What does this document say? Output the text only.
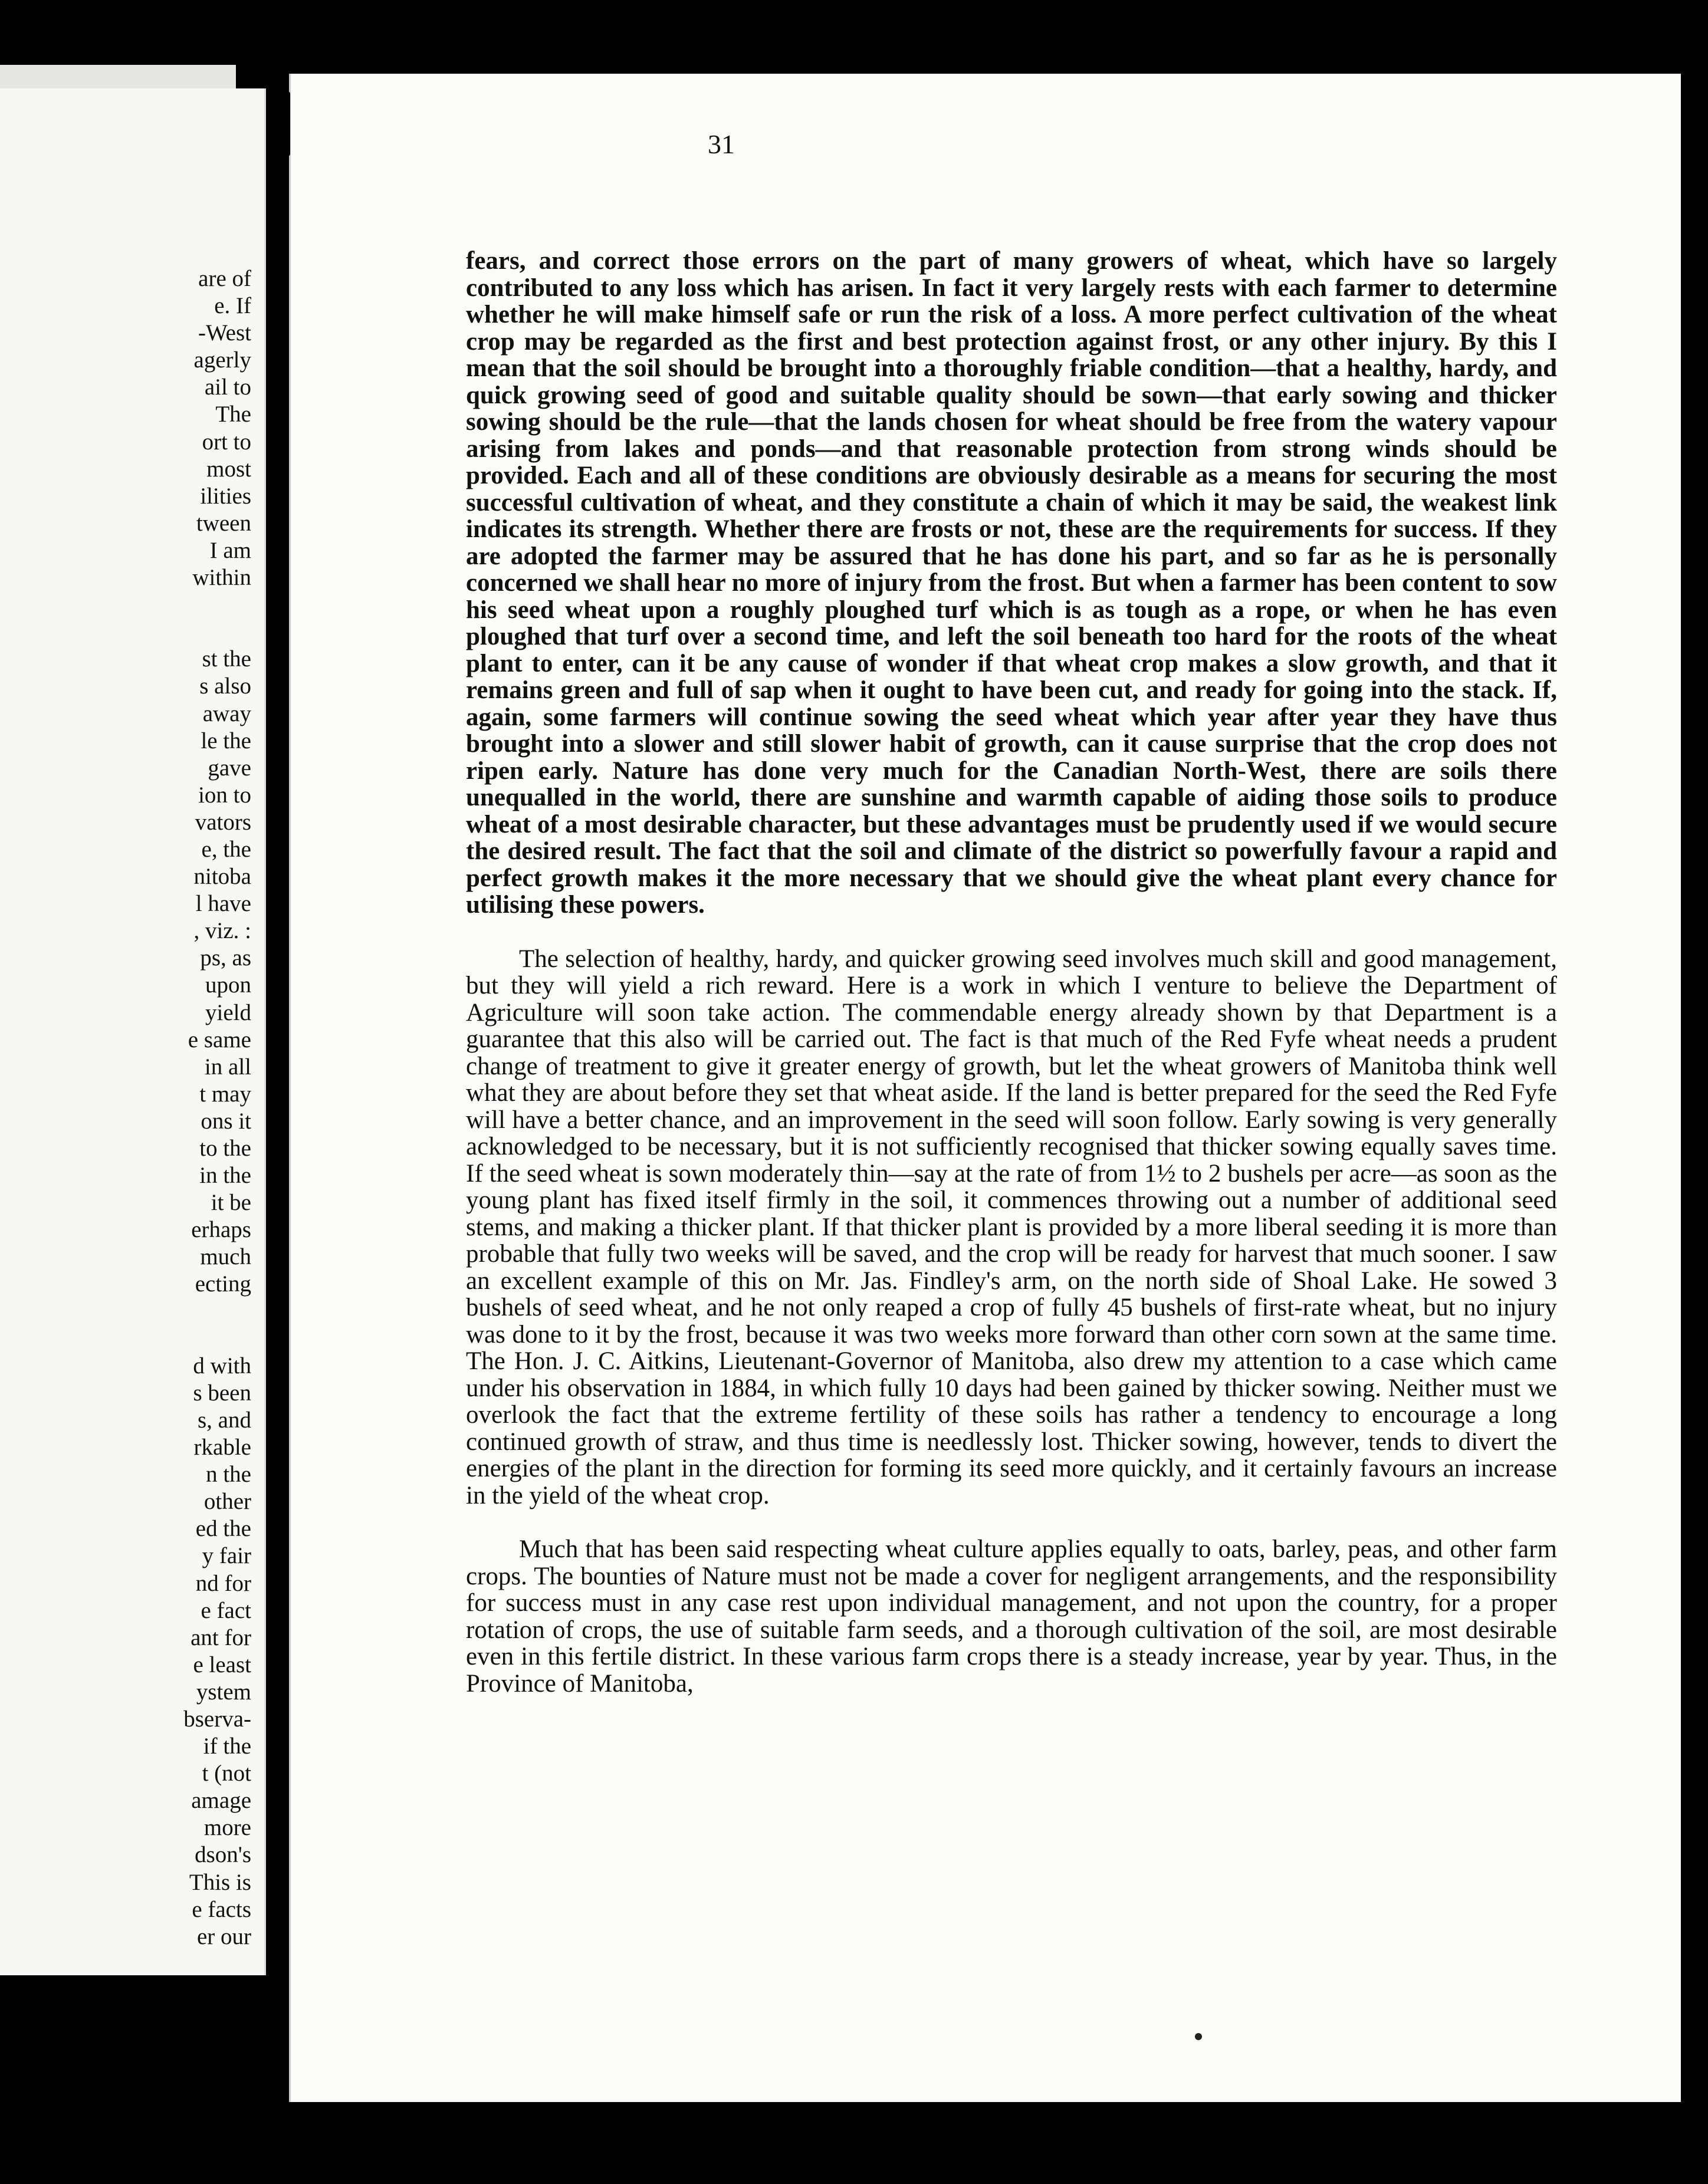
are of
e. If
-West
agerly
ail to
The
ort to
most
ilities
tween
I am
within
st the
s also
away
le the
gave
ion to
vators
e, the
nitoba
l have
, viz. :
ps, as
upon
yield
e same
in all
t may
ons it
to the
in the
it be
erhaps
much
ecting
d with
s been
s, and
rkable
n the
other
ed the
y fair
nd for
e fact
ant for
e least
ystem
bserva-
if the
t (not
amage
more
dson's
This is
e facts
er our
31

fears, and correct those errors on the part of many growers of wheat, which have so largely contributed to any loss which has arisen. In fact it very largely rests with each farmer to determine whether he will make himself safe or run the risk of a loss. A more perfect cultivation of the wheat crop may be regarded as the first and best protection against frost, or any other injury. By this I mean that the soil should be brought into a thoroughly friable condition—that a healthy, hardy, and quick growing seed of good and suitable quality should be sown—that early sowing and thicker sowing should be the rule—that the lands chosen for wheat should be free from the watery vapour arising from lakes and ponds—and that reasonable protection from strong winds should be provided. Each and all of these conditions are obviously desirable as a means for securing the most successful cultivation of wheat, and they constitute a chain of which it may be said, the weakest link indicates its strength. Whether there are frosts or not, these are the requirements for success. If they are adopted the farmer may be assured that he has done his part, and so far as he is personally concerned we shall hear no more of injury from the frost. But when a farmer has been content to sow his seed wheat upon a roughly ploughed turf which is as tough as a rope, or when he has even ploughed that turf over a second time, and left the soil beneath too hard for the roots of the wheat plant to enter, can it be any cause of wonder if that wheat crop makes a slow growth, and that it remains green and full of sap when it ought to have been cut, and ready for going into the stack. If, again, some farmers will continue sowing the seed wheat which year after year they have thus brought into a slower and still slower habit of growth, can it cause surprise that the crop does not ripen early. Nature has done very much for the Canadian North-West, there are soils there unequalled in the world, there are sunshine and warmth capable of aiding those soils to produce wheat of a most desirable character, but these advantages must be prudently used if we would secure the desired result. The fact that the soil and climate of the district so powerfully favour a rapid and perfect growth makes it the more necessary that we should give the wheat plant every chance for utilising these powers.

The selection of healthy, hardy, and quicker growing seed involves much skill and good management, but they will yield a rich reward. Here is a work in which I venture to believe the Department of Agriculture will soon take action. The commendable energy already shown by that Department is a guarantee that this also will be carried out. The fact is that much of the Red Fyfe wheat needs a prudent change of treatment to give it greater energy of growth, but let the wheat growers of Manitoba think well what they are about before they set that wheat aside. If the land is better prepared for the seed the Red Fyfe will have a better chance, and an improvement in the seed will soon follow. Early sowing is very generally acknowledged to be necessary, but it is not sufficiently recognised that thicker sowing equally saves time. If the seed wheat is sown moderately thin—say at the rate of from 1½ to 2 bushels per acre—as soon as the young plant has fixed itself firmly in the soil, it commences throwing out a number of additional seed stems, and making a thicker plant. If that thicker plant is provided by a more liberal seeding it is more than probable that fully two weeks will be saved, and the crop will be ready for harvest that much sooner. I saw an excellent example of this on Mr. Jas. Findley's arm, on the north side of Shoal Lake. He sowed 3 bushels of seed wheat, and he not only reaped a crop of fully 45 bushels of first-rate wheat, but no injury was done to it by the frost, because it was two weeks more forward than other corn sown at the same time. The Hon. J. C. Aitkins, Lieutenant-Governor of Manitoba, also drew my attention to a case which came under his observation in 1884, in which fully 10 days had been gained by thicker sowing. Neither must we overlook the fact that the extreme fertility of these soils has rather a tendency to encourage a long continued growth of straw, and thus time is needlessly lost. Thicker sowing, however, tends to divert the energies of the plant in the direction for forming its seed more quickly, and it certainly favours an increase in the yield of the wheat crop.

Much that has been said respecting wheat culture applies equally to oats, barley, peas, and other farm crops. The bounties of Nature must not be made a cover for negligent arrangements, and the responsibility for success must in any case rest upon individual management, and not upon the country, for a proper rotation of crops, the use of suitable farm seeds, and a thorough cultivation of the soil, are most desirable even in this fertile district. In these various farm crops there is a steady increase, year by year. Thus, in the Province of Manitoba,
